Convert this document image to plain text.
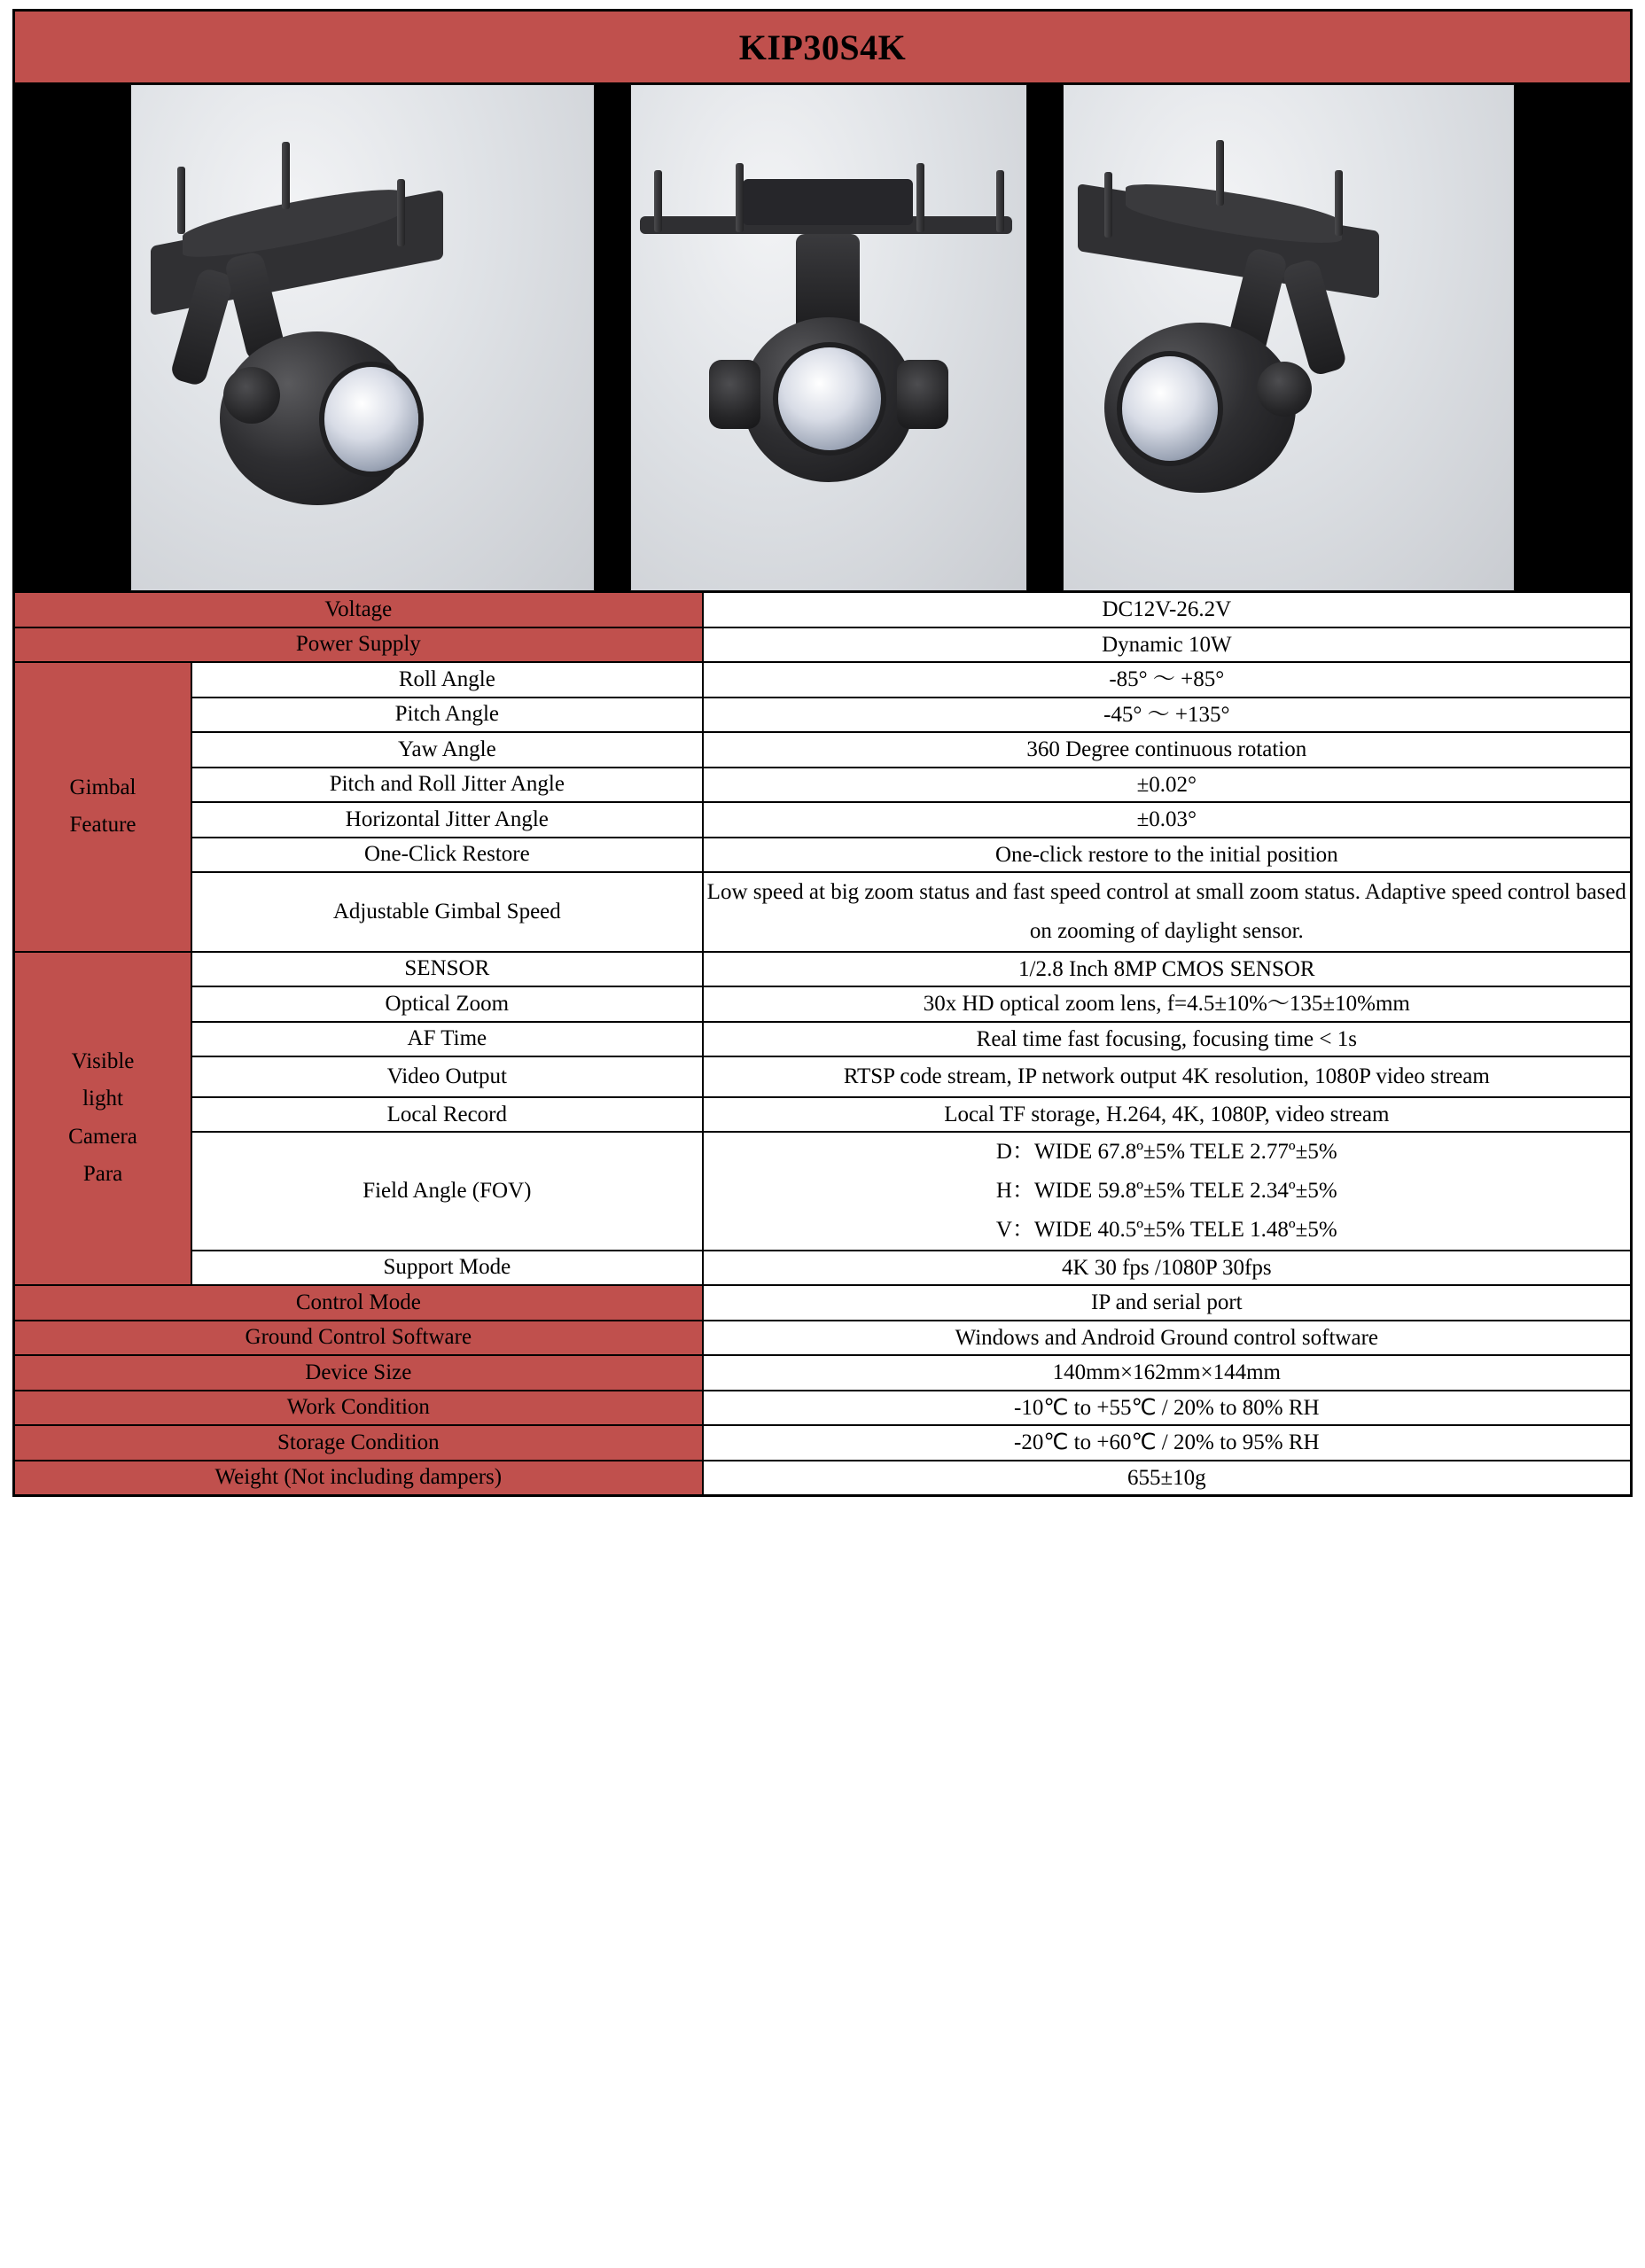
KIP30S4K		

Voltage		DC12V-26.2V
Power Supply		Dynamic 10W

Gimbal
Feature	Roll Angle	-85° ～ +85°
	Pitch Angle	-45° ～ +135°
	Yaw Angle	360 Degree continuous rotation
	Pitch and Roll Jitter Angle	±0.02°
	Horizontal Jitter Angle	±0.03°
	One-Click Restore	One-click restore to the initial position
	Adjustable Gimbal Speed	Low speed at big zoom status and fast speed control at small zoom status. Adaptive speed control based on zooming of daylight sensor.

Visible
light
Camera
Para	SENSOR	1/2.8 Inch 8MP CMOS SENSOR
	Optical Zoom	30x HD optical zoom lens, f=4.5±10%～135±10%mm
	AF Time	Real time fast focusing, focusing time < 1s
	Video Output	RTSP code stream, IP network output 4K resolution, 1080P video stream
	Local Record	Local TF storage, H.264, 4K, 1080P, video stream
	Field Angle (FOV)	D：WIDE 67.8º±5% TELE 2.77º±5%
H：WIDE 59.8º±5% TELE 2.34º±5%
V：WIDE 40.5º±5% TELE 1.48º±5%

	Support Mode	4K 30 fps /1080P 30fps
Control Mode		IP and serial port
Ground Control Software		Windows and Android Ground control software
Device Size		140mm×162mm×144mm
Work Condition		-10℃ to +55℃ / 20% to 80% RH
Storage Condition		-20℃ to +60℃ / 20% to 95% RH
Weight (Not including dampers)		655±10g
